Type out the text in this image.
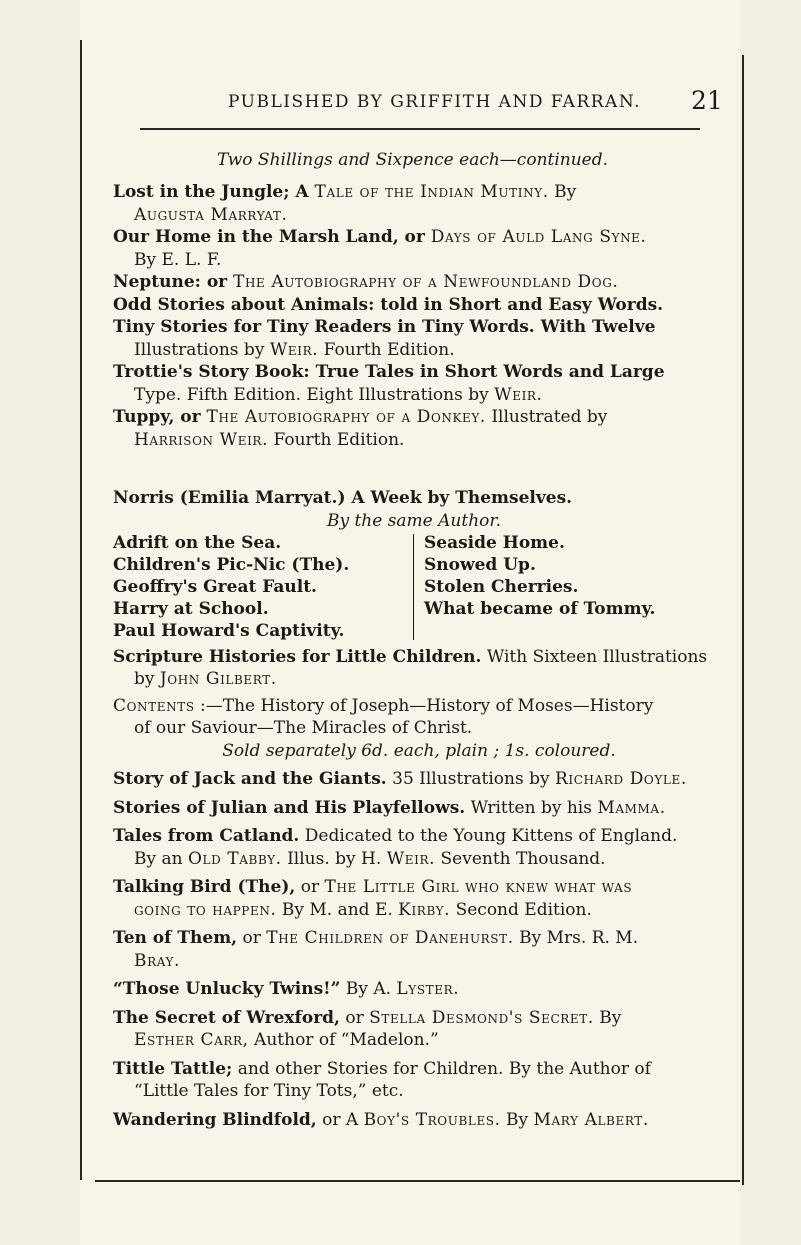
PUBLISHED BY GRIFFITH AND FARRAN. 21
Two Shillings and Sixpence each—continued.
Lost in the Jungle; A Tale of the Indian Mutiny. By
Augusta Marryat.
Our Home in the Marsh Land, or Days of Auld Lang Syne.
By E. L. F.
Neptune: or The Autobiography of a Newfoundland Dog.
Odd Stories about Animals: told in Short and Easy Words.
Tiny Stories for Tiny Readers in Tiny Words. With Twelve
Illustrations by Weir. Fourth Edition.
Trottie's Story Book: True Tales in Short Words and Large
Type. Fifth Edition. Eight Illustrations by Weir.
Tuppy, or The Autobiography of a Donkey. Illustrated by
Harrison Weir. Fourth Edition.
Norris (Emilia Marryat.) A Week by Themselves.
By the same Author.
Adrift on the Sea.
Children's Pic-Nic (The).
Geoffry's Great Fault.
Harry at School.
Paul Howard's Captivity.
Seaside Home.
Snowed Up.
Stolen Cherries.
What became of Tommy.
Scripture Histories for Little Children. With Sixteen Illustrations
by John Gilbert.
Contents :—The History of Joseph—History of Moses—History
of our Saviour—The Miracles of Christ.
Sold separately 6d. each, plain ; 1s. coloured.
Story of Jack and the Giants. 35 Illustrations by Richard Doyle.
Stories of Julian and His Playfellows. Written by his Mamma.
Tales from Catland. Dedicated to the Young Kittens of England.
By an Old Tabby. Illus. by H. Weir. Seventh Thousand.
Talking Bird (The), or The Little Girl who knew what was
going to happen. By M. and E. Kirby. Second Edition.
Ten of Them, or The Children of Danehurst. By Mrs. R. M.
Bray.
“Those Unlucky Twins!” By A. Lyster.
The Secret of Wrexford, or Stella Desmond's Secret. By
Esther Carr, Author of “Madelon.”
Tittle Tattle; and other Stories for Children. By the Author of
“Little Tales for Tiny Tots,” etc.
Wandering Blindfold, or A Boy's Troubles. By Mary Albert.
